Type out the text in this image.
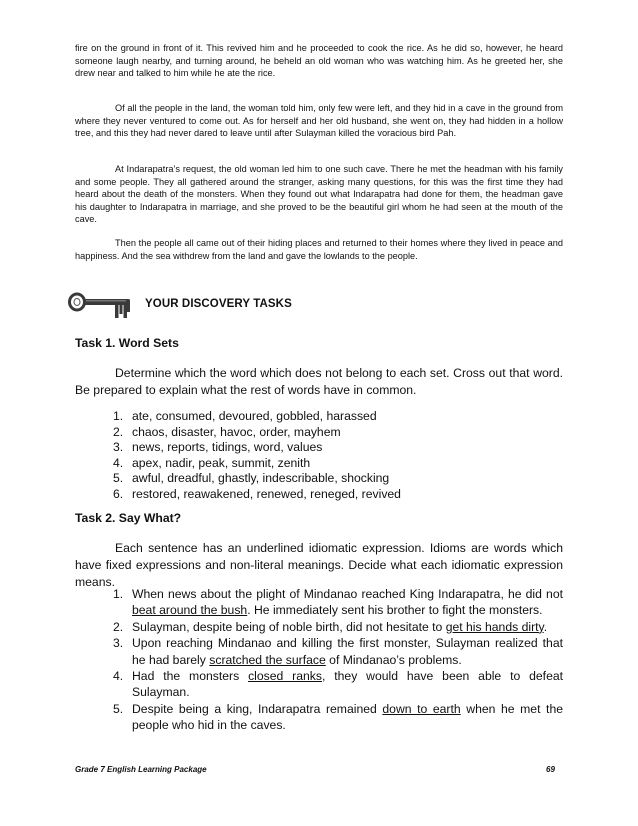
fire on the ground in front of it. This revived him and he proceeded to cook the rice. As he did so, however, he heard someone laugh nearby, and turning around, he beheld an old woman who was watching him. As he greeted her, she drew near and talked to him while he ate the rice.

Of all the people in the land, the woman told him, only few were left, and they hid in a cave in the ground from where they never ventured to come out. As for herself and her old husband, she went on, they had hidden in a hollow tree, and this they had never dared to leave until after Sulayman killed the voracious bird Pah.

At Indarapatra’s request, the old woman led him to one such cave. There he met the headman with his family and some people. They all gathered around the stranger, asking many questions, for this was the first time they had heard about the death of the monsters. When they found out what Indarapatra had done for them, the headman gave his daughter to Indarapatra in marriage, and she proved to be the beautiful girl whom he had seen at the mouth of the cave.

Then the people all came out of their hiding places and returned to their homes where they lived in peace and happiness. And the sea withdrew from the land and gave the lowlands to the people.

YOUR DISCOVERY TASKS
Task 1. Word Sets

Determine which the word which does not belong to each set. Cross out that word. Be prepared to explain what the rest of words have in common.

1. ate, consumed, devoured, gobbled, harassed
2. chaos, disaster, havoc, order, mayhem
3. news, reports, tidings, word, values
4. apex, nadir, peak, summit, zenith
5. awful, dreadful, ghastly, indescribable, shocking
6. restored, reawakened, renewed, reneged, revived
Task 2. Say What?

Each sentence has an underlined idiomatic expression. Idioms are words which have fixed expressions and non-literal meanings. Decide what each idiomatic expression means.

1. When news about the plight of Mindanao reached King Indarapatra, he did not beat around the bush. He immediately sent his brother to fight the monsters.
2. Sulayman, despite being of noble birth, did not hesitate to get his hands dirty.
3. Upon reaching Mindanao and killing the first monster, Sulayman realized that he had barely scratched the surface of Mindanao’s problems.
4. Had the monsters closed ranks, they would have been able to defeat Sulayman.
5. Despite being a king, Indarapatra remained down to earth when he met the people who hid in the caves.
Grade 7 English Learning Package	69
